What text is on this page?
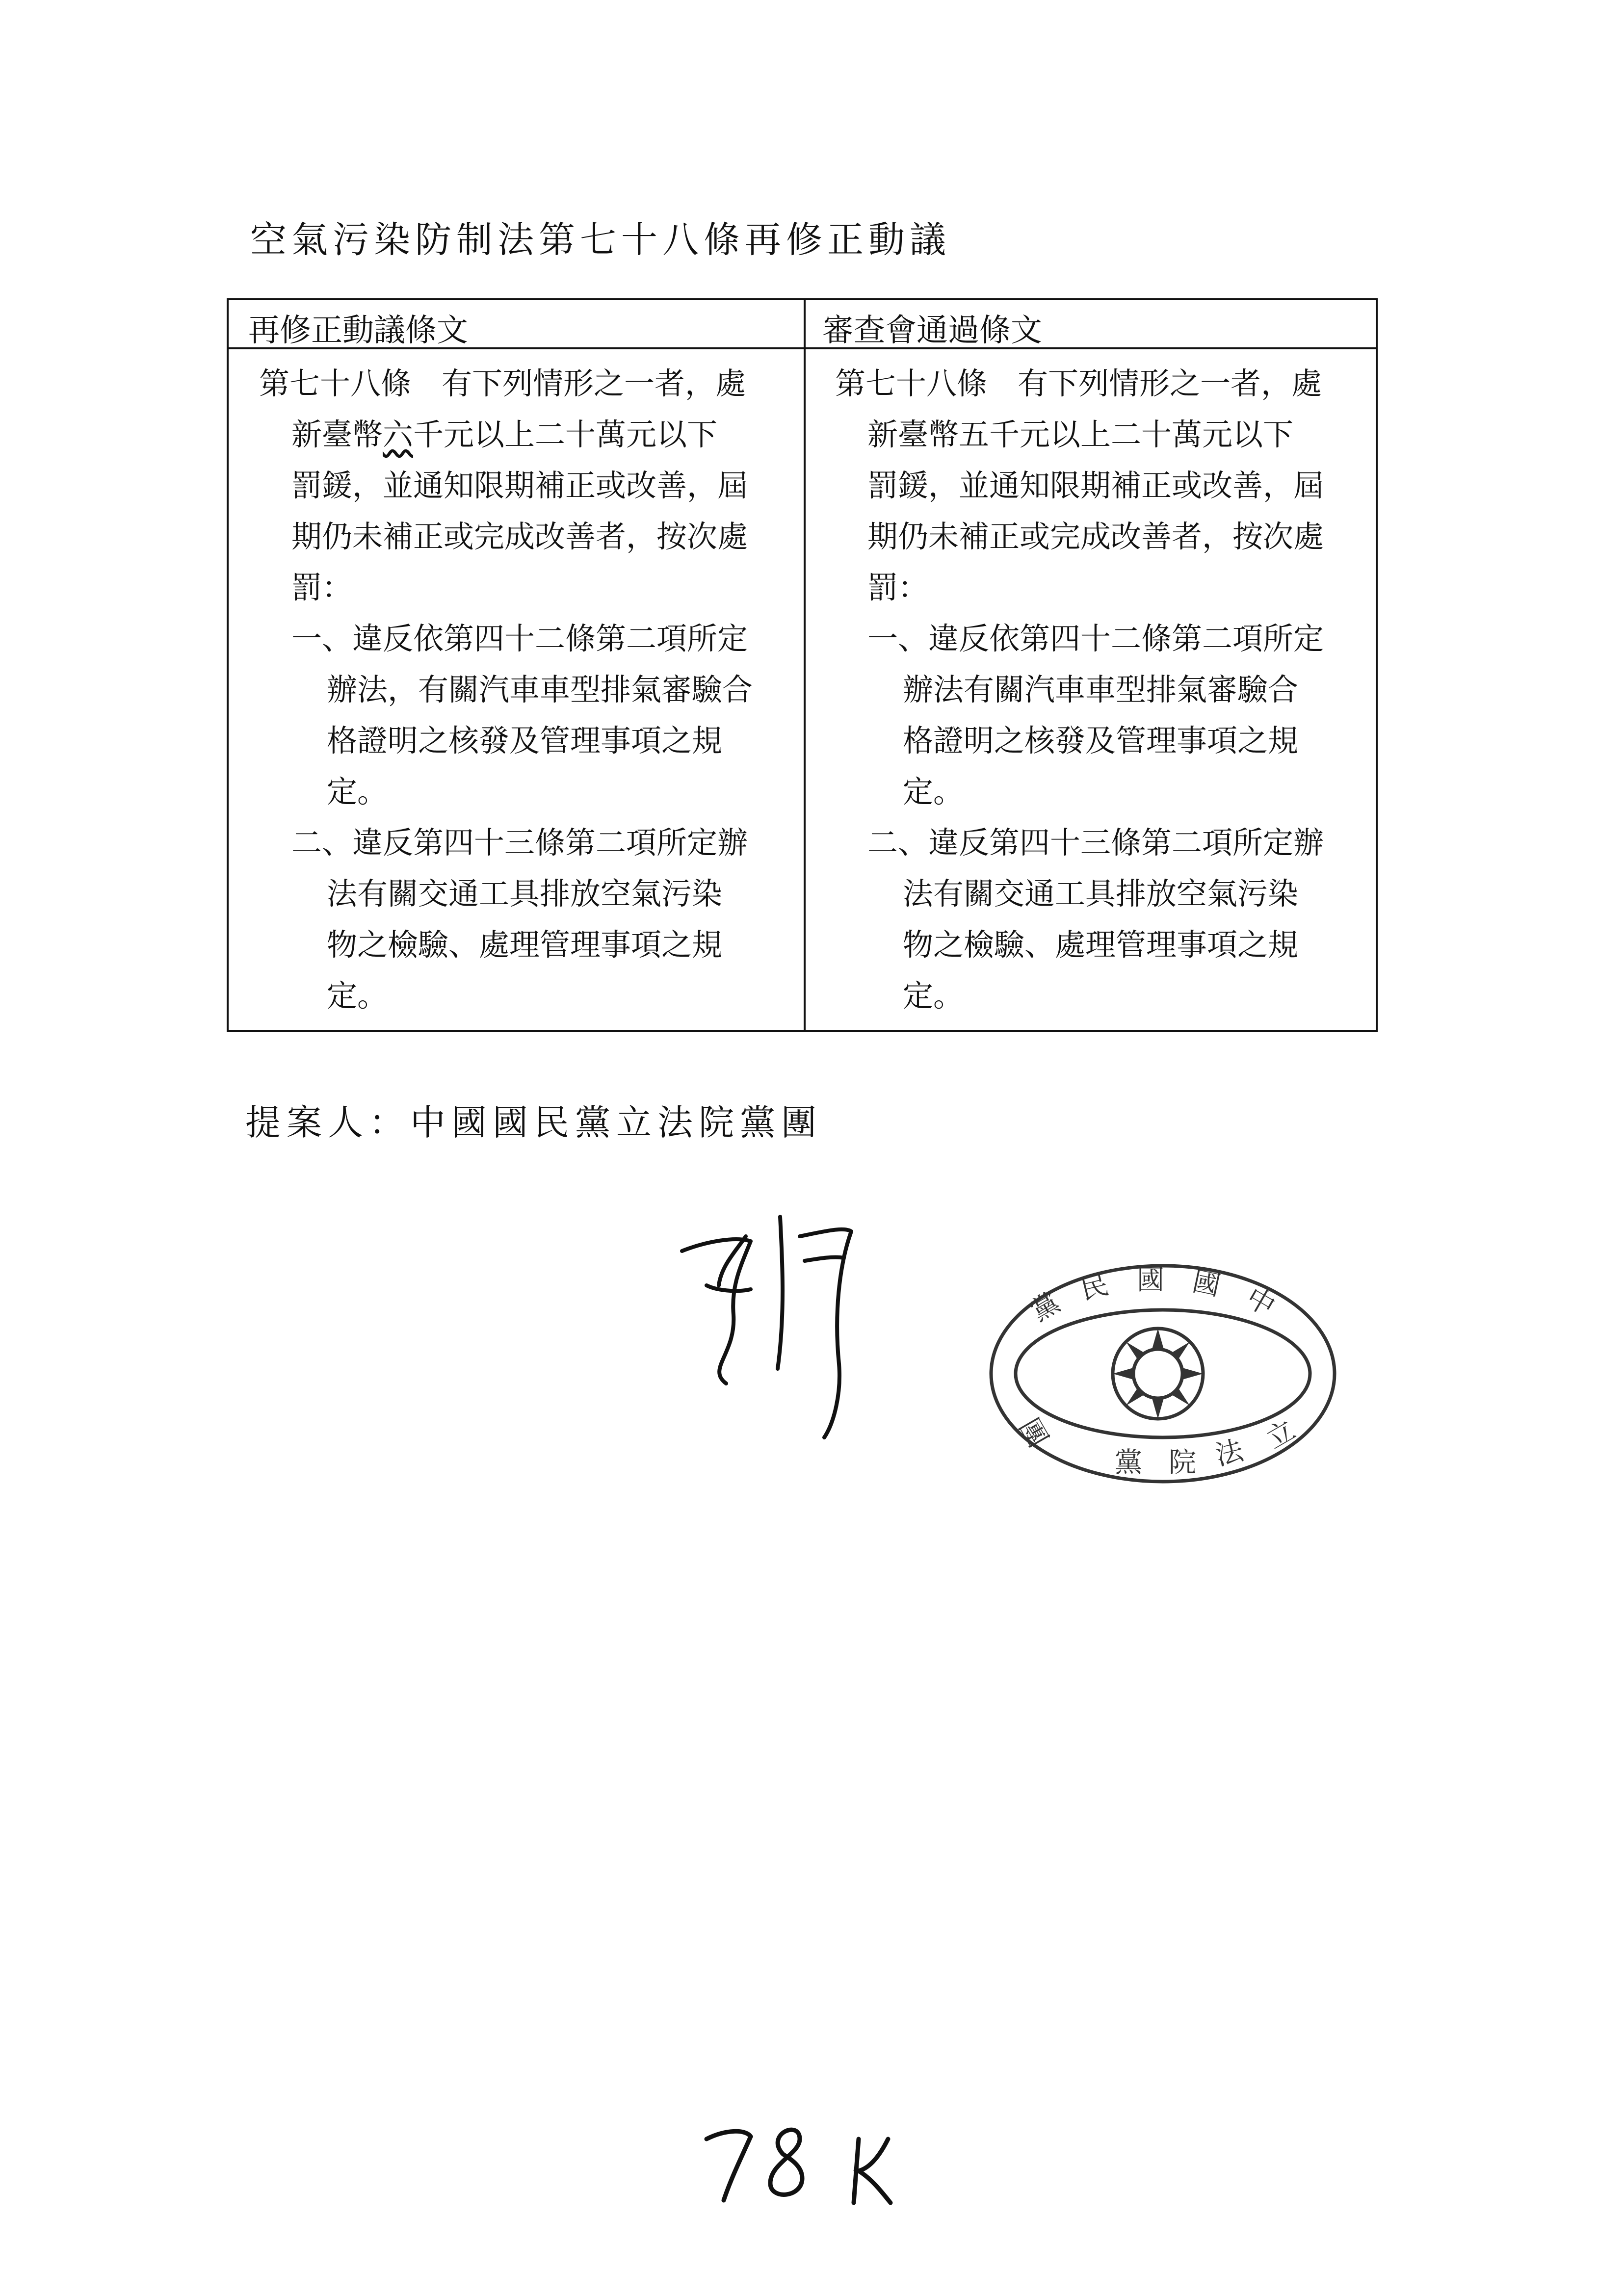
空氣污染防制法第七十八條再修正動議
再修正動議條文	審查會通過條文
第七十八條　有下列情形之一者，處
新臺幣六千元以上二十萬元以下
罰鍰，並通知限期補正或改善，屆
期仍未補正或完成改善者，按次處
罰：
一、違反依第四十二條第二項所定
辦法，有關汽車車型排氣審驗合
格證明之核發及管理事項之規
定。
二、違反第四十三條第二項所定辦
法有關交通工具排放空氣污染
物之檢驗、處理管理事項之規
定。
第七十八條　有下列情形之一者，處
新臺幣五千元以上二十萬元以下
罰鍰，並通知限期補正或改善，屆
期仍未補正或完成改善者，按次處
罰：
一、違反依第四十二條第二項所定
辦法有關汽車車型排氣審驗合
格證明之核發及管理事項之規
定。
二、違反第四十三條第二項所定辦
法有關交通工具排放空氣污染
物之檢驗、處理管理事項之規
定。
提案人：中國國民黨立法院黨團
中
國
國
民
黨
團
黨 院 法 立
中國國民黨立法院黨團
